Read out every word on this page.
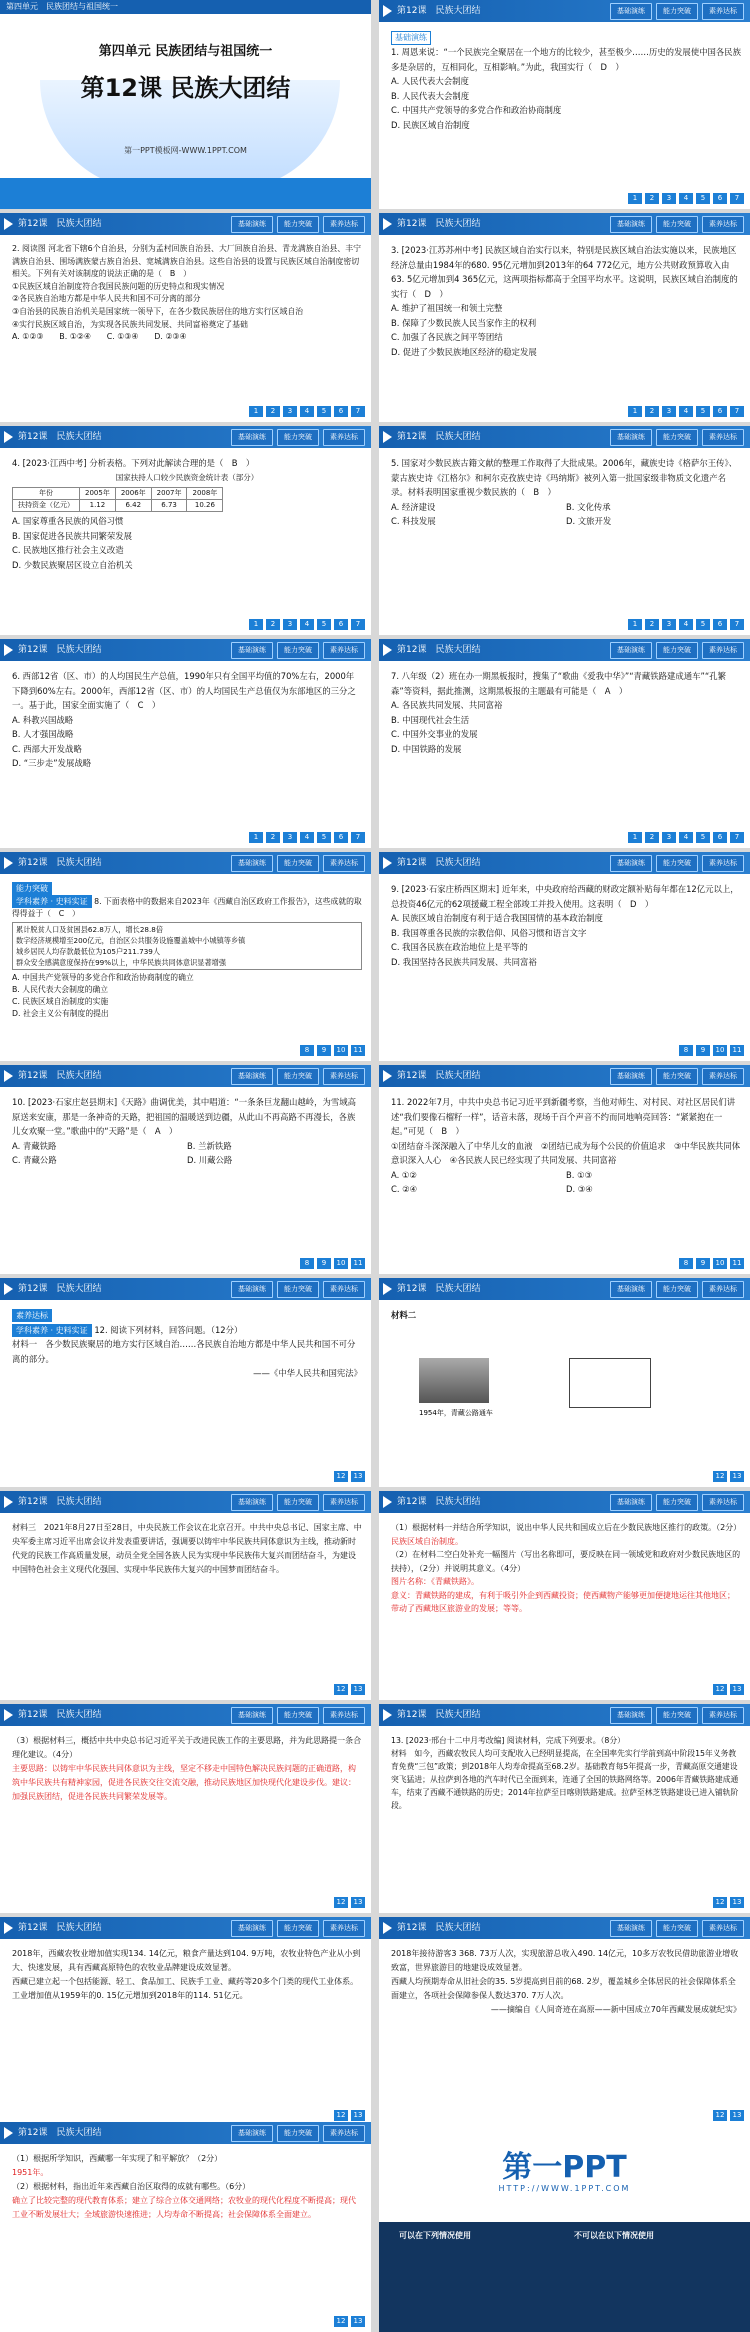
第四单元　民族团结与祖国统一
第四单元 民族团结与祖国统一
第12课 民族大团结
第一PPT模板网-WWW.1PPT.COM
第12课　民族大团结	基础演练	能力突破	素养达标
基础演练

1. 周恩来说：“一个民族完全聚居在一个地方的比较少，甚至极少……历史的发展使中国各民族多是杂居的，互相同化，互相影响。”为此，我国实行（　D　）

A. 人民代表大会制度

B. 人民代表大会制度

C. 中国共产党领导的多党合作和政治协商制度

D. 民族区域自治制度

1	2	3	4	5	6	7
第12课　民族大团结	基础演练	能力突破	素养达标

2. 阅读图 河北省下辖6个自治县，分别为孟村回族自治县、大厂回族自治县、青龙满族自治县、丰宁满族自治县、围场满族蒙古族自治县、宽城满族自治县。这些自治县的设置与民族区域自治制度密切相关。下列有关对该制度的说法正确的是（　B　）

①民族区域自治制度符合我国民族问题的历史特点和现实情况

②各民族自治地方都是中华人民共和国不可分离的部分

③自治县的民族自治机关是国家统一领导下，在各少数民族居住的地方实行区域自治

④实行民族区域自治，为实现各民族共同发展、共同富裕奠定了基础

A. ①②③　　B. ①②④　　C. ①③④　　D. ②③④

1	2	3	4	5	6	7
第12课　民族大团结	基础演练	能力突破	素养达标

3. [2023·江苏苏州中考] 民族区域自治实行以来，特别是民族区域自治法实施以来，民族地区经济总量由1984年的680. 95亿元增加到2013年的64 772亿元，地方公共财政预算收入由63. 5亿元增加到4 365亿元，这两项指标都高于全国平均水平。这说明，民族区域自治制度的实行（　D　）

A. 维护了祖国统一和领土完整

B. 保障了少数民族人民当家作主的权利

C. 加强了各民族之间平等团结

D. 促进了少数民族地区经济的稳定发展

1	2	3	4	5	6	7
第12课　民族大团结	基础演练	能力突破	素养达标

4. [2023·江西中考] 分析表格。下列对此解读合理的是（　B　）

国家扶持人口较少民族资金统计表（部分）

年份	2005年	2006年	2007年	2008年
扶持资金（亿元）	1.12	6.42	6.73	10.26

A. 国家尊重各民族的风俗习惯

B. 国家促进各民族共同繁荣发展

C. 民族地区推行社会主义改造

D. 少数民族聚居区设立自治机关

1	2	3	4	5	6	7
第12课　民族大团结	基础演练	能力突破	素养达标

5. 国家对少数民族古籍文献的整理工作取得了大批成果。2006年，藏族史诗《格萨尔王传》、蒙古族史诗《江格尔》和柯尔克孜族史诗《玛纳斯》被列入第一批国家级非物质文化遗产名录。材料表明国家重视少数民族的（　B　）

A. 经济建设	B. 文化传承

C. 科技发展	D. 文旅开发

1	2	3	4	5	6	7
第12课　民族大团结	基础演练	能力突破	素养达标

6. 西部12省（区、市）的人均国民生产总值，1990年只有全国平均值的70%左右，2000年下降到60%左右。2000年，西部12省（区、市）的人均国民生产总值仅为东部地区的三分之一。基于此，国家全面实施了（　C　）

A. 科教兴国战略

B. 人才强国战略

C. 西部大开发战略

D. “三步走”发展战略

1	2	3	4	5	6	7
第12课　民族大团结	基础演练	能力突破	素养达标

7. 八年级（2）班在办一期黑板报时，搜集了“歌曲《爱我中华》”“青藏铁路建成通车”“孔繁森”等资料，据此推测，这期黑板报的主题最有可能是（　A　）

A. 各民族共同发展、共同富裕

B. 中国现代社会生活

C. 中国外交事业的发展

D. 中国铁路的发展

1	2	3	4	5	6	7
第12课　民族大团结	基础演练	能力突破	素养达标
能力突破

学科素养 · 史料实证 8. 下面表格中的数据来自2023年《西藏自治区政府工作报告》，这些成就的取得得益于（　C　）

累计脱贫人口及贫困县62.8万人，增长28.8倍
数字经济规模增至200亿元，自治区公共服务设施覆盖城中小城镇等乡镇
城乡居民人均存款最低位为105户211.739人
群众安全感满意度保持在99%以上，中华民族共同体意识显著增强

A. 中国共产党领导的多党合作和政治协商制度的确立

B. 人民代表大会制度的确立

C. 民族区域自治制度的实施

D. 社会主义公有制度的提出

8	9	10	11
第12课　民族大团结	基础演练	能力突破	素养达标

9. [2023·石家庄桥西区期末] 近年来，中央政府给西藏的财政定额补贴每年都在12亿元以上，总投资46亿元的62项援藏工程全部竣工并投入使用。这表明（　D　）

A. 民族区域自治制度有利于适合我国国情的基本政治制度

B. 我国尊重各民族的宗教信仰、风俗习惯和语言文字

C. 我国各民族在政治地位上是平等的

D. 我国坚持各民族共同发展、共同富裕

8	9	10	11
第12课　民族大团结	基础演练	能力突破	素养达标

10. [2023·石家庄赵县期末]《天路》曲调优美，其中唱道：“一条条巨龙翻山越岭，为雪域高原送来安康，那是一条神奇的天路，把祖国的温暖送到边疆，从此山不再高路不再漫长，各族儿女欢聚一堂。”歌曲中的“天路”是（　A　）

A. 青藏铁路	B. 兰新铁路

C. 青藏公路	D. 川藏公路

8	9	10	11
第12课　民族大团结	基础演练	能力突破	素养达标

11. 2022年7月，中共中央总书记习近平到新疆考察，当他对师生、对村民、对社区居民们讲述“我们要像石榴籽一样”，话音未落，现场千百个声音不约而同地响亮回答：“紧紧抱在一起。”可见（　B　）

①团结奋斗深深融入了中华儿女的血液　②团结已成为每个公民的价值追求　③中华民族共同体意识深入人心　④各民族人民已经实现了共同发展、共同富裕

A. ①②	B. ①③

C. ②④	D. ③④

8	9	10	11
第12课　民族大团结	基础演练	能力突破	素养达标
素养达标

学科素养 · 史料实证 12. 阅读下列材料，回答问题。（12分）

材料一　各少数民族聚居的地方实行区域自治……各民族自治地方都是中华人民共和国不可分离的部分。

——《中华人民共和国宪法》

12	13
第12课　民族大团结	基础演练	能力突破	素养达标

材料二

1954年，青藏公路通车
12	13
第12课　民族大团结	基础演练	能力突破	素养达标

材料三　2021年8月27日至28日，中央民族工作会议在北京召开。中共中央总书记、国家主席、中央军委主席习近平出席会议并发表重要讲话，强调要以铸牢中华民族共同体意识为主线，推动新时代党的民族工作高质量发展，动员全党全国各族人民为实现中华民族伟大复兴而团结奋斗，为建设中国特色社会主义现代化强国、实现中华民族伟大复兴的中国梦而团结奋斗。

12	13
第12课　民族大团结	基础演练	能力突破	素养达标

（1）根据材料一并结合所学知识，说出中华人民共和国成立后在少数民族地区推行的政策。（2分）

民族区域自治制度。

（2）在材料二空白处补充一幅图片（写出名称即可，要反映在同一领域党和政府对少数民族地区的扶持），（2分）并说明其意义。（4分）

图片名称：《青藏铁路》。

意义：青藏铁路的建成，有利于吸引外企到西藏投资；使西藏物产能够更加便捷地运往其他地区；带动了西藏地区旅游业的发展；等等。

12	13
第12课　民族大团结	基础演练	能力突破	素养达标

（3）根据材料三，概括中共中央总书记习近平关于改进民族工作的主要思路，并为此思路提一条合理化建议。（4分）

主要思路：以铸牢中华民族共同体意识为主线，坚定不移走中国特色解决民族问题的正确道路，构筑中华民族共有精神家园，促进各民族交往交流交融，推动民族地区加快现代化建设步伐。建议：加强民族团结，促进各民族共同繁荣发展等。

12	13
第12课　民族大团结	基础演练	能力突破	素养达标

13. [2023·邢台十二中月考改编] 阅读材料，完成下列要求。（8分）

材料　如今，西藏农牧民人均可支配收入已经明显提高，在全国率先实行学前到高中阶段15年义务教育免费“三包”政策；到2018年人均寿命提高至68.2岁。基础教育每5年提高一步，青藏高原交通建设突飞猛进；从拉萨到各地的汽车时代已全面到来，连通了全国的铁路网络等。2006年青藏铁路建成通车，结束了西藏不通铁路的历史；2014年拉萨至日喀则铁路建成。拉萨至林芝铁路建设已进入铺轨阶段。

12	13
第12课　民族大团结	基础演练	能力突破	素养达标

2018年，西藏农牧业增加值实现134. 14亿元，粮食产量达到104. 9万吨，农牧业特色产业从小到大、快速发展，具有西藏高原特色的农牧业品牌建设成效显著。

西藏已建立起一个包括能源、轻工、食品加工、民族手工业、藏药等20多个门类的现代工业体系。工业增加值从1959年的0. 15亿元增加到2018年的114. 51亿元。

12	13
第12课　民族大团结	基础演练	能力突破	素养达标

2018年接待游客3 368. 73万人次，实现旅游总收入490. 14亿元，10多万农牧民借助旅游业增收致富，世界旅游目的地建设成效显著。

西藏人均预期寿命从旧社会的35. 5岁提高到目前的68. 2岁，覆盖城乡全体居民的社会保障体系全面建立，各项社会保障参保人数达370. 7万人次。

——摘编自《人间奇迹在高原——新中国成立70年西藏发展成就纪实》

12	13
第12课　民族大团结	基础演练	能力突破	素养达标

（1）根据所学知识，西藏哪一年实现了和平解放？（2分）

1951年。

（2）根据材料，指出近年来西藏自治区取得的成就有哪些。（6分）

确立了比较完整的现代教育体系；建立了综合立体交通网络；农牧业的现代化程度不断提高；现代工业不断发展壮大；全域旅游快速推进；人均寿命不断提高；社会保障体系全面建立。

12	13
第一PPT
HTTP://WWW.1PPT.COM
可以在下列情况使用	不可以在以下情况使用
